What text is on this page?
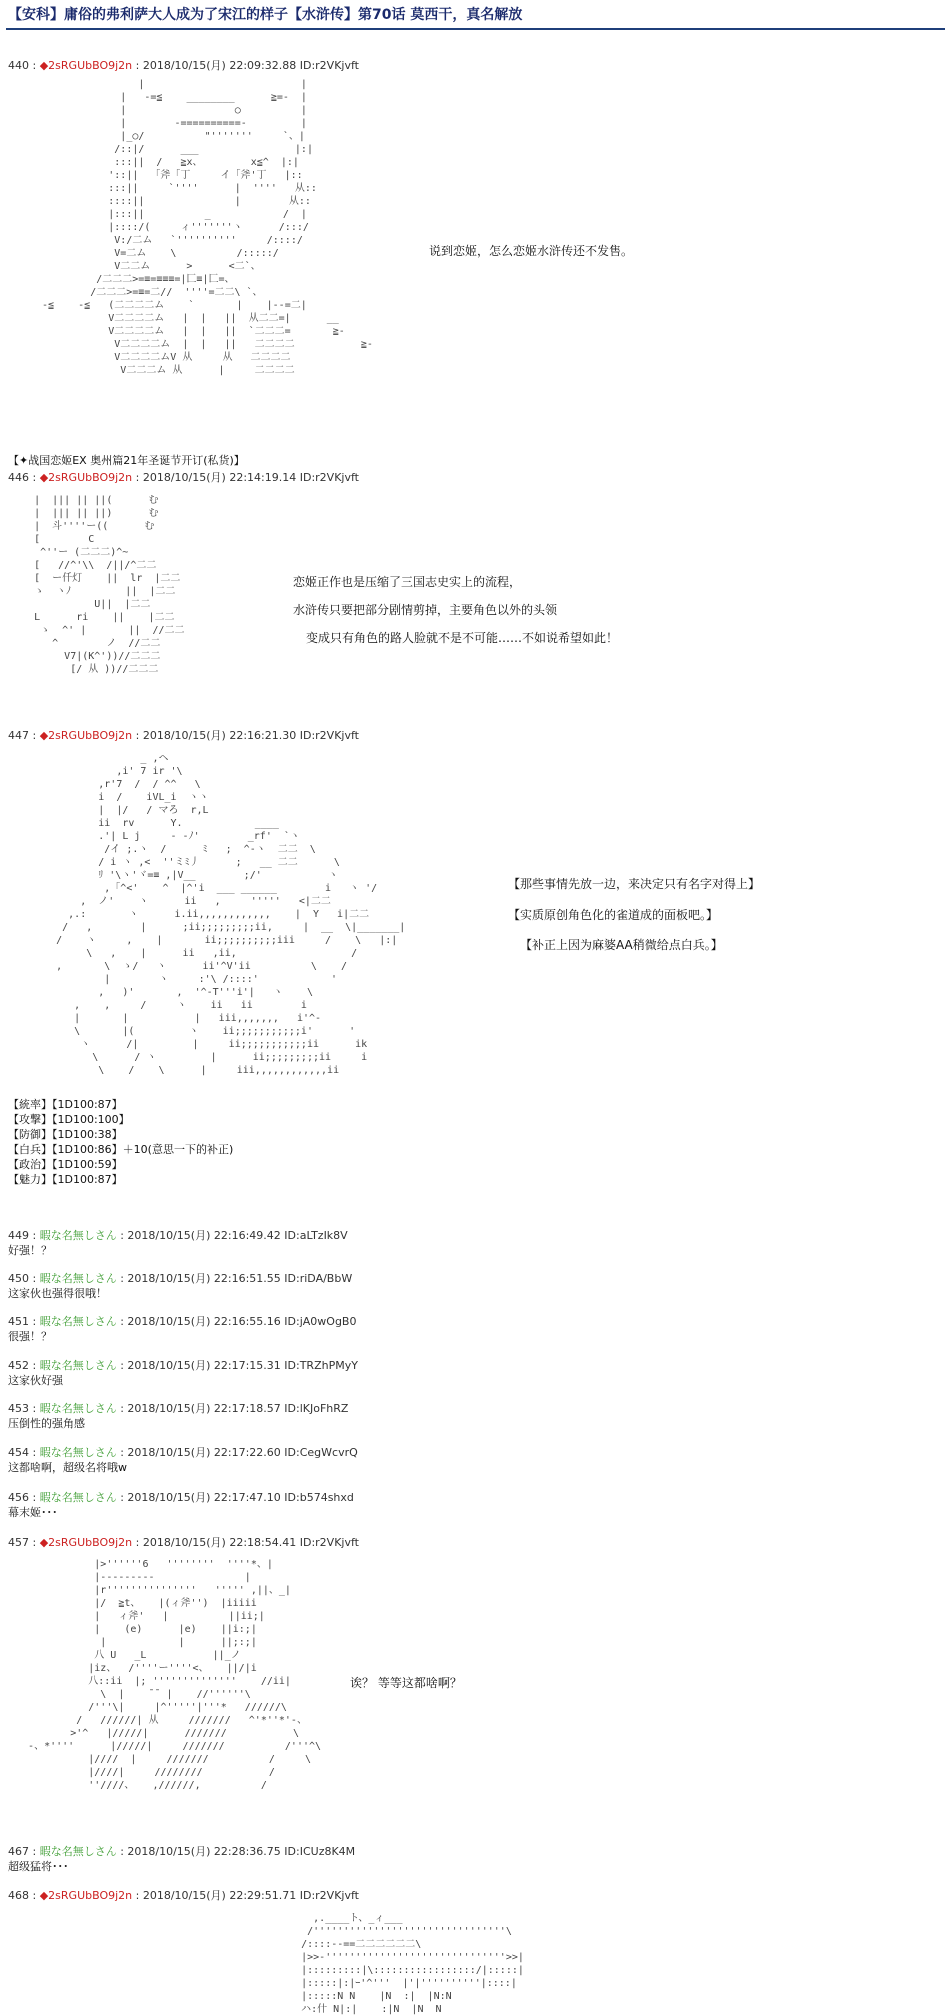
【安科】庸俗的弗利萨大人成为了宋江的样子【水浒传】第70话 莫西干，真名解放
440 : ◆2sRGUbBO9j2n : 2018/10/15(月) 22:09:32.88 ID:r2VKjvft
|                          |
|   -=≦    ________      ≧=-  |
|                  ○          |
|        -==========-         |
|_○/          "'''''''     `、|
/::|/      ___                |:|
:::||  /   ≧x、        x≦^  |:|
'::||  「斧「丁     イ「斧'丁   |::
:::||     `''''      |  ''''   从::
::::||               |        从::
|:::||          _            /  |
|::::/(     ィ'''''''ヽ      /:::/
V:/二ム   `''''''''''     /::::/
V=二ム    \          /:::::/
V二二ム      >      <二`、
/二二二>=≡=≡≡≡=|匚≡|匚=、
/二二二>=≡=二//  ''''=二二\ `、
-≦    -≦   (二二二二ム    `       |    |--=二|
V二二二二ム   |  |   ||  从二二=|      __
V二二二二ム   |  |   ||  `二二二=       ≧-
V二二二二ム  |  |   ||   二二二二           ≧-
V二二二二ムV 从     从   二二二二
V二二二ム 从      |     二二二二

说到恋姬，怎么恋姬水浒传还不发售。
【✦战国恋姬EX 奥州篇21年圣诞节开订(私货)】
446 : ◆2sRGUbBO9j2n : 2018/10/15(月) 22:14:19.14 ID:r2VKjvft
|  ||| || ||(      む
|  ||| || ||)      む
|  斗''''ー((      む
[        C
^''ー (二二二)^~
[   //^'\\  /||/^二二
[  ー仟灯    ||  lr  |二二
ゝ  ヽﾉ         ||  |二二
U||  |二二
L      ri    ||    |二二
ゝ  ^' |       ||  //二二
^        ノ  //二二
V7|(K^'))//二二二
[/ 从 ))//二二二

恋姬正作也是压缩了三国志史实上的流程，
水浒传只要把部分剧情剪掉，主要角色以外的头领
变成只有角色的路人脸就不是不可能……不如说希望如此！
447 : ◆2sRGUbBO9j2n : 2018/10/15(月) 22:16:21.30 ID:r2VKjvft
_ ,ヘ
,i' 7 ir '\
,r'7  /  / ^^   \
i  /    iVL_i  ヽヽ
|  |/   / マろ  r,L
ii  rv      Y.            ____
.'| L j     - -ﾉ'        _rf'  `ヽ
/イ ;.ヽ  /      ﾐ   ;  ^-ヽ  二二  \
/ i ヽ ,<  ''ミﾐ丿      ;   __ 二二      \
ﾘ '\ヽ'ヾ=≡ ,|V__        ;/'           ヽ
,「^<'    ^  |^'i  ___ ______        i   ヽ '/
,  ノ'    ヽ      ii   ,     '''''   <|二二
,.:       ヽ      i.ii,,,,,,,,,,,,    |  Y   i|二二
/   ,        |      ;ii;;;;;;;;;ii,     |  __  \|_______|
/    ヽ     ,    |       ii;;;;;;;;;;iii     /    \   |:|
\   ,    |      ii   ,ii,                   /
,       \  ゝ/   ヽ      ii'^V'ii          \    /
|        ヽ     :'\ /::::'            '
,   )'       ,  '^-T'''i'|   ヽ    \
,    ,     /     ヽ    ii   ii        i
|       |           |   iii,,,,,,,   i'^-
\       |(         ヽ    ii;;;;;;;;;;;i'      '
ヽ      /|         |     ii;;;;;;;;;;;ii      ik
\      / ヽ         |      ii;;;;;;;;;ii     i
\    /    \      |     iii,,,,,,,,,,,,ii

【那些事情先放一边，来决定只有名字对得上】
【实质原创角色化的雀道成的面板吧。】
【补正上因为麻婆AA稍微给点白兵。】
【統率】【1D100:87】
【攻撃】【1D100:100】
【防御】【1D100:38】
【白兵】【1D100:86】＋10(意思一下的补正)
【政治】【1D100:59】
【魅力】【1D100:87】
449 : 暇な名無しさん : 2018/10/15(月) 22:16:49.42 ID:aLTzIk8V
好强！？
450 : 暇な名無しさん : 2018/10/15(月) 22:16:51.55 ID:riDA/BbW
这家伙也强得很哦！
451 : 暇な名無しさん : 2018/10/15(月) 22:16:55.16 ID:jA0wOgB0
很强！？
452 : 暇な名無しさん : 2018/10/15(月) 22:17:15.31 ID:TRZhPMyY
这家伙好强
453 : 暇な名無しさん : 2018/10/15(月) 22:17:18.57 ID:lKJoFhRZ
压倒性的强角感
454 : 暇な名無しさん : 2018/10/15(月) 22:17:22.60 ID:CegWcvrQ
这都啥啊，超级名将哦w
456 : 暇な名無しさん : 2018/10/15(月) 22:17:47.10 ID:b574shxd
幕末姬･･･
457 : ◆2sRGUbBO9j2n : 2018/10/15(月) 22:18:54.41 ID:r2VKjvft
|>''''''6   ''''''''  ''''*、|
|---------               |
|r'''''''''''''''   ''''' ,||、_|
|/  ≧t、   |(ィ斧'')  |iiiii
|   ィ斧'   |          ||ii;|
|    (e)      |e)    ||i:;|
|            |      ||;:;|
八 U   _L           ||_ノ
|iz、  /''''ー''''<、   ||/|i
八::ii  |; ''''''''''''''    //ii|
\  |    ̄ ̄  |    //''''''\
/'''\|     |^'''''|'''*   //////\
/   //////| 从     ///////   ^'*''*'-、
>'^   |/////|      ///////           \
-、*''''      |/////|     ///////          /'''^\
|////  |     ///////          /     \
|////|     ////////           /
''////、   ,//////,          /

诶？ 等等这都啥啊？
467 : 暇な名無しさん : 2018/10/15(月) 22:28:36.75 ID:ICUz8K4M
超级猛将･･･
468 : ◆2sRGUbBO9j2n : 2018/10/15(月) 22:29:51.71 ID:r2VKjvft
,.____ト、_ィ___
/''''''''''''''''''''''''''''''''\
/::::--==二二二二二二\
|>>-''''''''''''''''''''''''''''''>>|
|:::::::::|\:::::::::::::::::/|:::::|
|:::::|:|ｰ'^'''  |'|''''''''''|::::|
|:::::N N    |N  :|  |N:N
ハ:什 N|:|    :|N  |N  N
